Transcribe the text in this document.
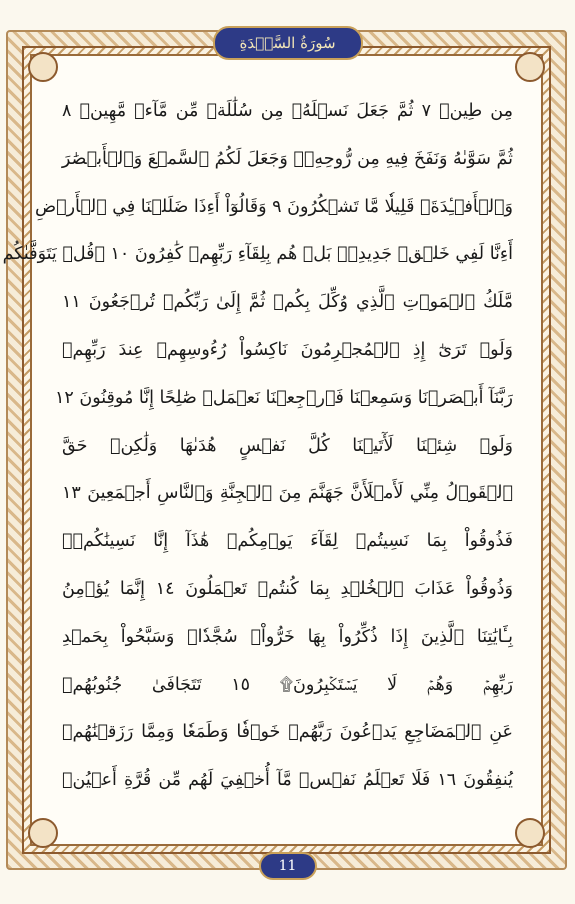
سُورَةُ السَّجۡدَةِ
مِن طِينٖ ٧ ثُمَّ جَعَلَ نَسۡلَهُۥ مِن سُلَٰلَةٖ مِّن مَّآءٖ مَّهِينٖ ٨
ثُمَّ سَوَّىٰهُ وَنَفَخَ فِيهِ مِن رُّوحِهِۦۖ وَجَعَلَ لَكُمُ ٱلسَّمۡعَ وَٱلۡأَبۡصَٰرَ
وَٱلۡأَفۡـِٔدَةَۚ قَلِيلٗا مَّا تَشۡكُرُونَ ٩ وَقَالُوٓاْ أَءِذَا ضَلَلۡنَا فِي ٱلۡأَرۡضِ
أَءِنَّا لَفِي خَلۡقٖ جَدِيدِۭۚ بَلۡ هُم بِلِقَآءِ رَبِّهِمۡ كَٰفِرُونَ ١٠ ۞قُلۡ يَتَوَفَّىٰكُم
مَّلَكُ ٱلۡمَوۡتِ ٱلَّذِي وُكِّلَ بِكُمۡ ثُمَّ إِلَىٰ رَبِّكُمۡ تُرۡجَعُونَ ١١
وَلَوۡ تَرَىٰٓ إِذِ ٱلۡمُجۡرِمُونَ نَاكِسُواْ رُءُوسِهِمۡ عِندَ رَبِّهِمۡ
رَبَّنَآ أَبۡصَرۡنَا وَسَمِعۡنَا فَٱرۡجِعۡنَا نَعۡمَلۡ صَٰلِحًا إِنَّا مُوقِنُونَ ١٢
وَلَوۡ شِئۡنَا لَأٓتَيۡنَا كُلَّ نَفۡسٍ هُدَىٰهَا وَلَٰكِنۡ حَقَّ
ٱلۡقَوۡلُ مِنِّي لَأَمۡلَأَنَّ جَهَنَّمَ مِنَ ٱلۡجِنَّةِ وَٱلنَّاسِ أَجۡمَعِينَ ١٣
فَذُوقُواْ بِمَا نَسِيتُمۡ لِقَآءَ يَوۡمِكُمۡ هَٰذَآ إِنَّا نَسِينَٰكُمۡۖ
وَذُوقُواْ عَذَابَ ٱلۡخُلۡدِ بِمَا كُنتُمۡ تَعۡمَلُونَ ١٤ إِنَّمَا يُؤۡمِنُ
بِـَٔايَٰتِنَا ٱلَّذِينَ إِذَا ذُكِّرُواْ بِهَا خَرُّواْۤ سُجَّدٗاۤ وَسَبَّحُواْ بِحَمۡدِ
رَبِّهِمۡ وَهُمۡ لَا يَسۡتَكۡبِرُونَ۩ ١٥ تَتَجَافَىٰ جُنُوبُهُمۡ
عَنِ ٱلۡمَضَاجِعِ يَدۡعُونَ رَبَّهُمۡ خَوۡفٗا وَطَمَعٗا وَمِمَّا رَزَقۡنَٰهُمۡ
يُنفِقُونَ ١٦ فَلَا تَعۡلَمُ نَفۡسٞ مَّآ أُخۡفِيَ لَهُم مِّن قُرَّةِ أَعۡيُنٖ
11
